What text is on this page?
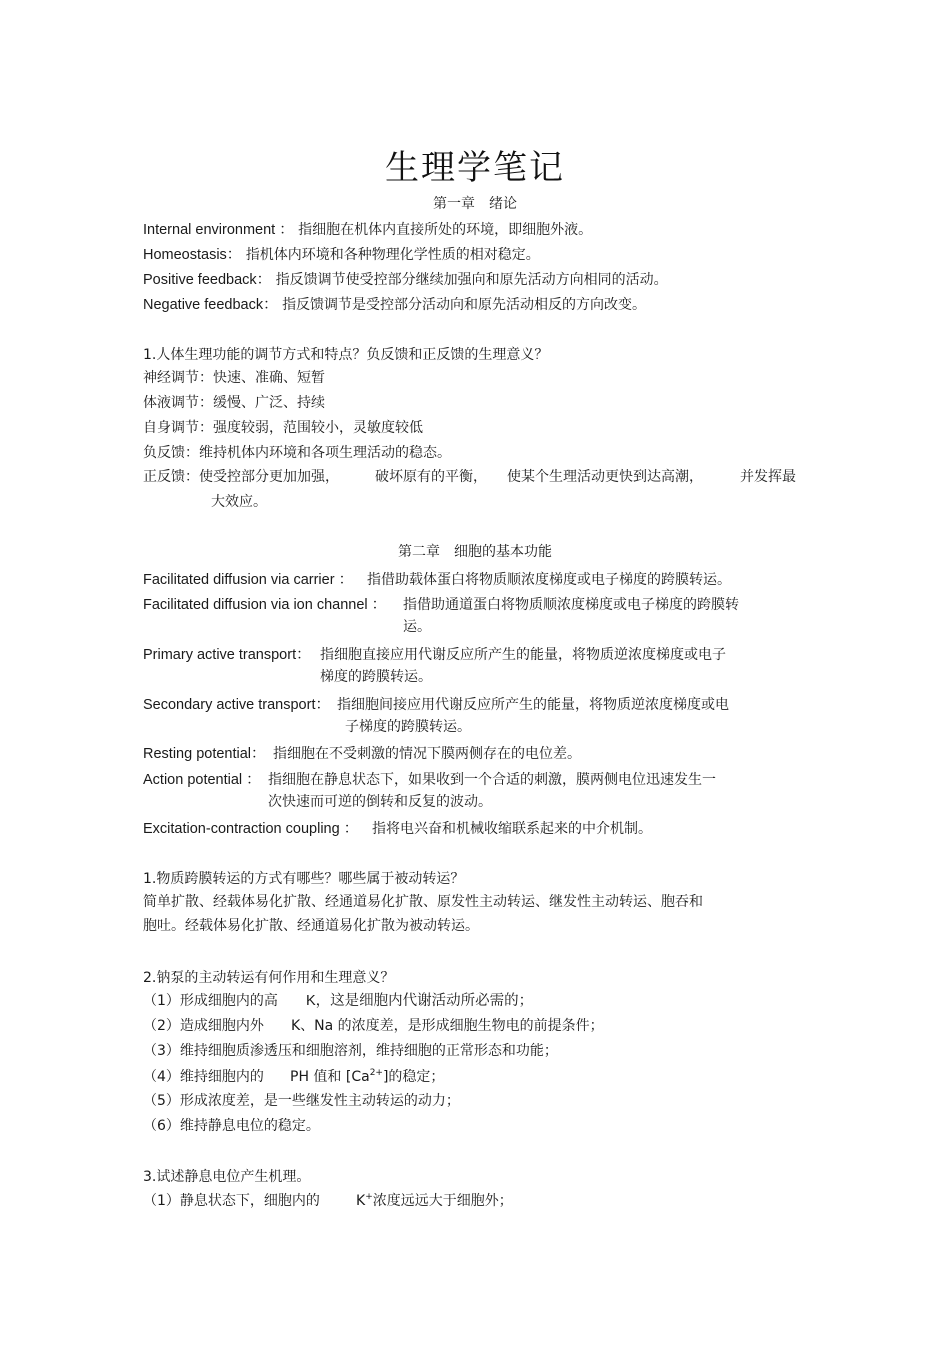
生理学笔记
第一章　绪论
Internal environment ： 指细胞在机体内直接所处的环境，即细胞外液。
Homeostasis： 指机体内环境和各种物理化学性质的相对稳定。
Positive feedback： 指反馈调节使受控部分继续加强向和原先活动方向相同的活动。
Negative feedback： 指反馈调节是受控部分活动向和原先活动相反的方向改变。
1.人体生理功能的调节方式和特点？负反馈和正反馈的生理意义？
神经调节：快速、准确、短暂
体液调节：缓慢、广泛、持续
自身调节：强度较弱，范围较小，灵敏度较低
负反馈：维持机体内环境和各项生理活动的稳态。
正反馈：使受控部分更加加强，	破坏原有的平衡， 使某个生理活动更快到达高潮，	并发挥最
大效应。
第二章　细胞的基本功能
Facilitated diffusion via carrier ： 指借助载体蛋白将物质顺浓度梯度或电子梯度的跨膜转运。
Facilitated diffusion via ion channel ： 指借助通道蛋白将物质顺浓度梯度或电子梯度的跨膜转
运。
Primary active transport： 指细胞直接应用代谢反应所产生的能量，将物质逆浓度梯度或电子
梯度的跨膜转运。
Secondary active transport： 指细胞间接应用代谢反应所产生的能量，将物质逆浓度梯度或电
子梯度的跨膜转运。
Resting potential： 指细胞在不受刺激的情况下膜两侧存在的电位差。
Action potential ： 指细胞在静息状态下，如果收到一个合适的刺激，膜两侧电位迅速发生一
次快速而可逆的倒转和反复的波动。
Excitation-contraction coupling ： 指将电兴奋和机械收缩联系起来的中介机制。
1.物质跨膜转运的方式有哪些？哪些属于被动转运？
简单扩散、经载体易化扩散、经通道易化扩散、原发性主动转运、继发性主动转运、胞吞和
胞吐。经载体易化扩散、经通道易化扩散为被动转运。
2.钠泵的主动转运有何作用和生理意义？
（1）形成细胞内的高 K，这是细胞内代谢活动所必需的；
（2）造成细胞内外 K、Na 的浓度差，是形成细胞生物电的前提条件；
（3）维持细胞质渗透压和细胞溶剂，维持细胞的正常形态和功能；
（4）维持细胞内的 PH 值和 $[Ca^{2+}]$的稳定；
（5）形成浓度差，是一些继发性主动转运的动力；
（6）维持静息电位的稳定。
3.试述静息电位产生机理。
（1）静息状态下，细胞内的	K+浓度远远大于细胞外；
